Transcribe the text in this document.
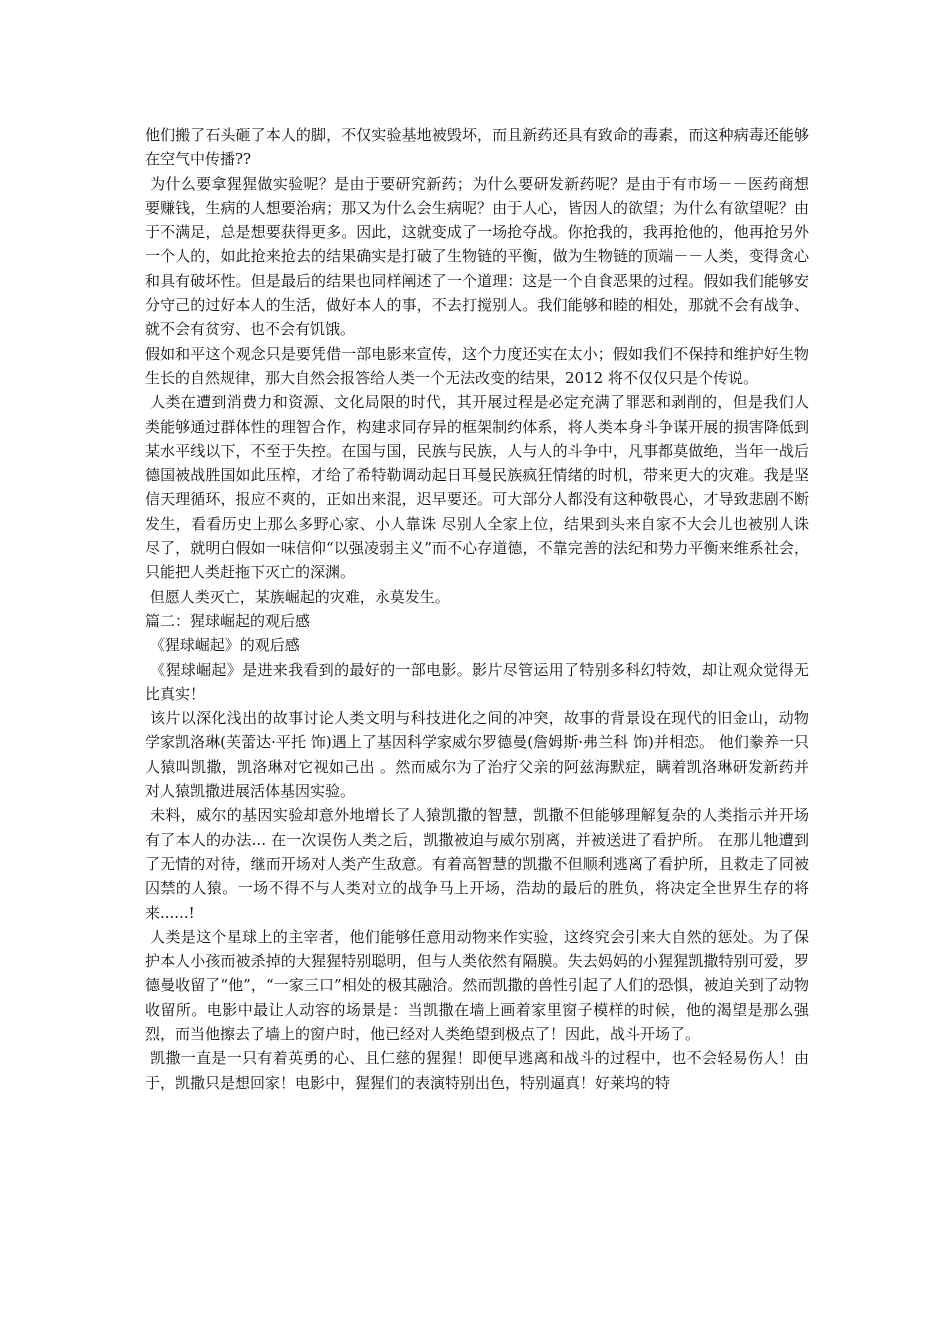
他们搬了石头砸了本人的脚，不仅实验基地被毁坏，而且新药还具有致命的毒素，而这种病毒还能够在空气中传播??

为什么要拿猩猩做实验呢？是由于要研究新药；为什么要研发新药呢？是由于有市场－－医药商想要赚钱，生病的人想要治病；那又为什么会生病呢？由于人心，皆因人的欲望；为什么有欲望呢？由于不满足，总是想要获得更多。因此，这就变成了一场抢夺战。你抢我的，我再抢他的，他再抢另外一个人的，如此抢来抢去的结果确实是打破了生物链的平衡，做为生物链的顶端－－人类，变得贪心和具有破坏性。但是最后的结果也同样阐述了一个道理：这是一个自食恶果的过程。假如我们能够安分守己的过好本人的生活，做好本人的事，不去打搅别人。我们能够和睦的相处，那就不会有战争、就不会有贫穷、也不会有饥饿。

假如和平这个观念只是要凭借一部电影来宣传，这个力度还实在太小；假如我们不保持和维护好生物生长的自然规律，那大自然会报答给人类一个无法改变的结果，2012 将不仅仅只是个传说。

人类在遭到消费力和资源、文化局限的时代，其开展过程是必定充满了罪恶和剥削的，但是我们人类能够通过群体性的理智合作，构建求同存异的框架制约体系，将人类本身斗争谋开展的损害降低到某水平线以下，不至于失控。在国与国，民族与民族，人与人的斗争中，凡事都莫做绝，当年一战后德国被战胜国如此压榨，才给了希特勒调动起日耳曼民族疯狂情绪的时机，带来更大的灾难。我是坚信天理循环，报应不爽的，正如出来混，迟早要还。可大部分人都没有这种敬畏心，才导致悲剧不断发生，看看历史上那么多野心家、小人靠诛 尽别人全家上位，结果到头来自家不大会儿也被别人诛尽了，就明白假如一味信仰“以强凌弱主义”而不心存道德，不靠完善的法纪和势力平衡来维系社会，只能把人类赶拖下灭亡的深渊。

但愿人类灭亡，某族崛起的灾难，永莫发生。

篇二：猩球崛起的观后感

《猩球崛起》的观后感

《猩球崛起》是进来我看到的最好的一部电影。影片尽管运用了特别多科幻特效，却让观众觉得无比真实！

该片以深化浅出的故事讨论人类文明与科技进化之间的冲突，故事的背景设在现代的旧金山，动物学家凯洛琳(芙蕾达·平托 饰)遇上了基因科学家威尔罗德曼(詹姆斯·弗兰科 饰)并相恋。 他们豢养一只人猿叫凯撒，凯洛琳对它视如己出 。然而威尔为了治疗父亲的阿兹海默症，瞒着凯洛琳研发新药并对人猿凯撒进展活体基因实验。

未料，威尔的基因实验却意外地增长了人猿凯撒的智慧，凯撒不但能够理解复杂的人类指示并开场有了本人的办法... 在一次误伤人类之后，凯撒被迫与威尔别离，并被送进了看护所。 在那儿牠遭到了无情的对待，继而开场对人类产生敌意。有着高智慧的凯撒不但顺利逃离了看护所，且救走了同被囚禁的人猿。一场不得不与人类对立的战争马上开场，浩劫的最后的胜负，将决定全世界生存的将来......!

人类是这个星球上的主宰者，他们能够任意用动物来作实验，这终究会引来大自然的惩处。为了保护本人小孩而被杀掉的大猩猩特别聪明，但与人类依然有隔膜。失去妈妈的小猩猩凯撒特别可爱，罗德曼收留了“他”，“一家三口”相处的极其融洽。然而凯撒的兽性引起了人们的恐惧，被迫关到了动物收留所。电影中最让人动容的场景是：当凯撒在墙上画着家里窗子模样的时候，他的渴望是那么强烈，而当他擦去了墙上的窗户时，他已经对人类绝望到极点了！因此，战斗开场了。

凯撒一直是一只有着英勇的心、且仁慈的猩猩！即便早逃离和战斗的过程中，也不会轻易伤人！由于，凯撒只是想回家！电影中，猩猩们的表演特别出色，特别逼真！好莱坞的特
